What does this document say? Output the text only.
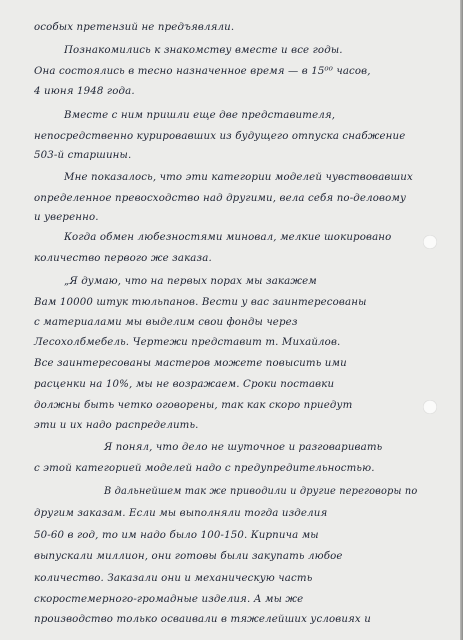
особых претензий не предъявляли.
Познакомились к знакомству вместе и все годы.
Она состоялись в тесно назначенное время — в 15⁰⁰ часов,
4 июня 1948 года.
Вместе с ним пришли еще две представителя,
непосредственно курировавших из будущего отпуска снабжение
503-й старшины.
Мне показалось, что эти категории моделей чувствовавших
определенное превосходство над другими, вела себя по-деловому
и уверенно.
Когда обмен любезностями миновал, мелкие шокировано
количество первого же заказа.
„Я думаю, что на первых порах мы закажем
Вам 10000 штук тюльпанов. Вести у вас заинтересованы
с материалами мы выделим свои фонды через
Лесохолбмебель. Чертежи представит т. Михайлов.
Все заинтересованы мастеров можете повысить ими
расценки на 10%, мы не возражаем. Сроки поставки
должны быть четко оговорены, так как скоро приедут
эти и их надо распределить.
Я понял, что дело не шуточное и разговаривать
с этой категорией моделей надо с предупредительностью.
В дальнейшем так же приводили и другие переговоры по
другим заказам. Если мы выполняли тогда изделия
50-60 в год, то им надо было 100-150. Кирпича мы
выпускали миллион, они готовы были закупать любое
количество. Заказали они и механическую часть
скоростемерного-громадные изделия. А мы же
производство только осваивали в тяжелейших условиях и
